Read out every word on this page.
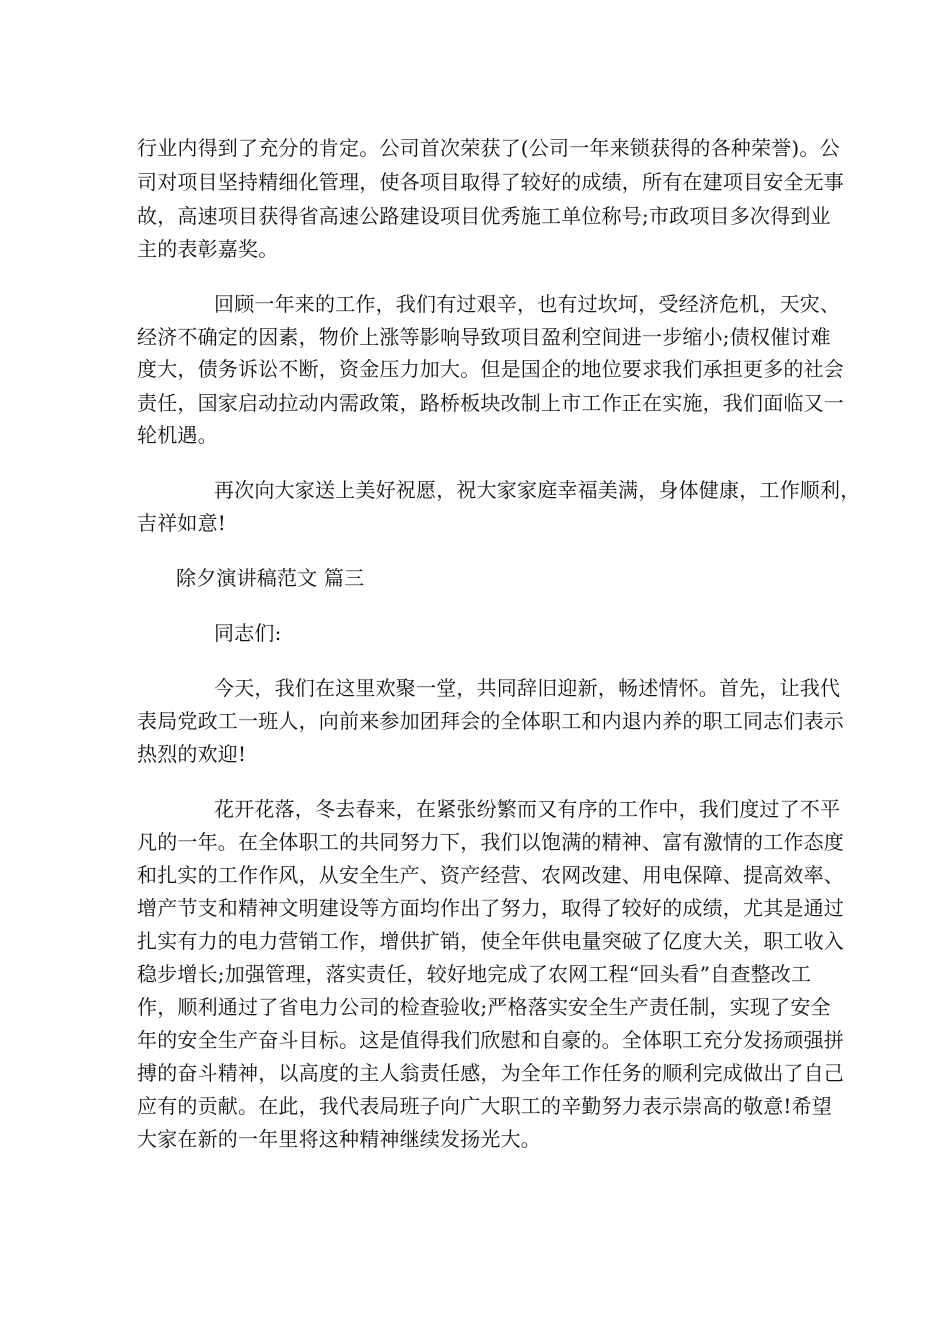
行业内得到了充分的肯定。公司首次荣获了(公司一年来锁获得的各种荣誉)。公
司对项目坚持精细化管理，使各项目取得了较好的成绩，所有在建项目安全无事
故，高速项目获得省高速公路建设项目优秀施工单位称号;市政项目多次得到业
主的表彰嘉奖。
回顾一年来的工作，我们有过艰辛，也有过坎坷，受经济危机，天灾、
经济不确定的因素，物价上涨等影响导致项目盈利空间进一步缩小;债权催讨难
度大，债务诉讼不断，资金压力加大。但是国企的地位要求我们承担更多的社会
责任，国家启动拉动内需政策，路桥板块改制上市工作正在实施，我们面临又一
轮机遇。
再次向大家送上美好祝愿，祝大家家庭幸福美满，身体健康，工作顺利，
吉祥如意!
除夕演讲稿范文 篇三
同志们:
今天，我们在这里欢聚一堂，共同辞旧迎新，畅述情怀。首先，让我代
表局党政工一班人，向前来参加团拜会的全体职工和内退内养的职工同志们表示
热烈的欢迎!
花开花落，冬去春来，在紧张纷繁而又有序的工作中，我们度过了不平
凡的一年。在全体职工的共同努力下，我们以饱满的精神、富有激情的工作态度
和扎实的工作作风，从安全生产、资产经营、农网改建、用电保障、提高效率、
增产节支和精神文明建设等方面均作出了努力，取得了较好的成绩，尤其是通过
扎实有力的电力营销工作，增供扩销，使全年供电量突破了亿度大关，职工收入
稳步增长;加强管理，落实责任，较好地完成了农网工程“回头看”自查整改工
作，顺利通过了省电力公司的检查验收;严格落实安全生产责任制，实现了安全
年的安全生产奋斗目标。这是值得我们欣慰和自豪的。全体职工充分发扬顽强拼
搏的奋斗精神，以高度的主人翁责任感，为全年工作任务的顺利完成做出了自己
应有的贡献。在此，我代表局班子向广大职工的辛勤努力表示崇高的敬意!希望
大家在新的一年里将这种精神继续发扬光大。
